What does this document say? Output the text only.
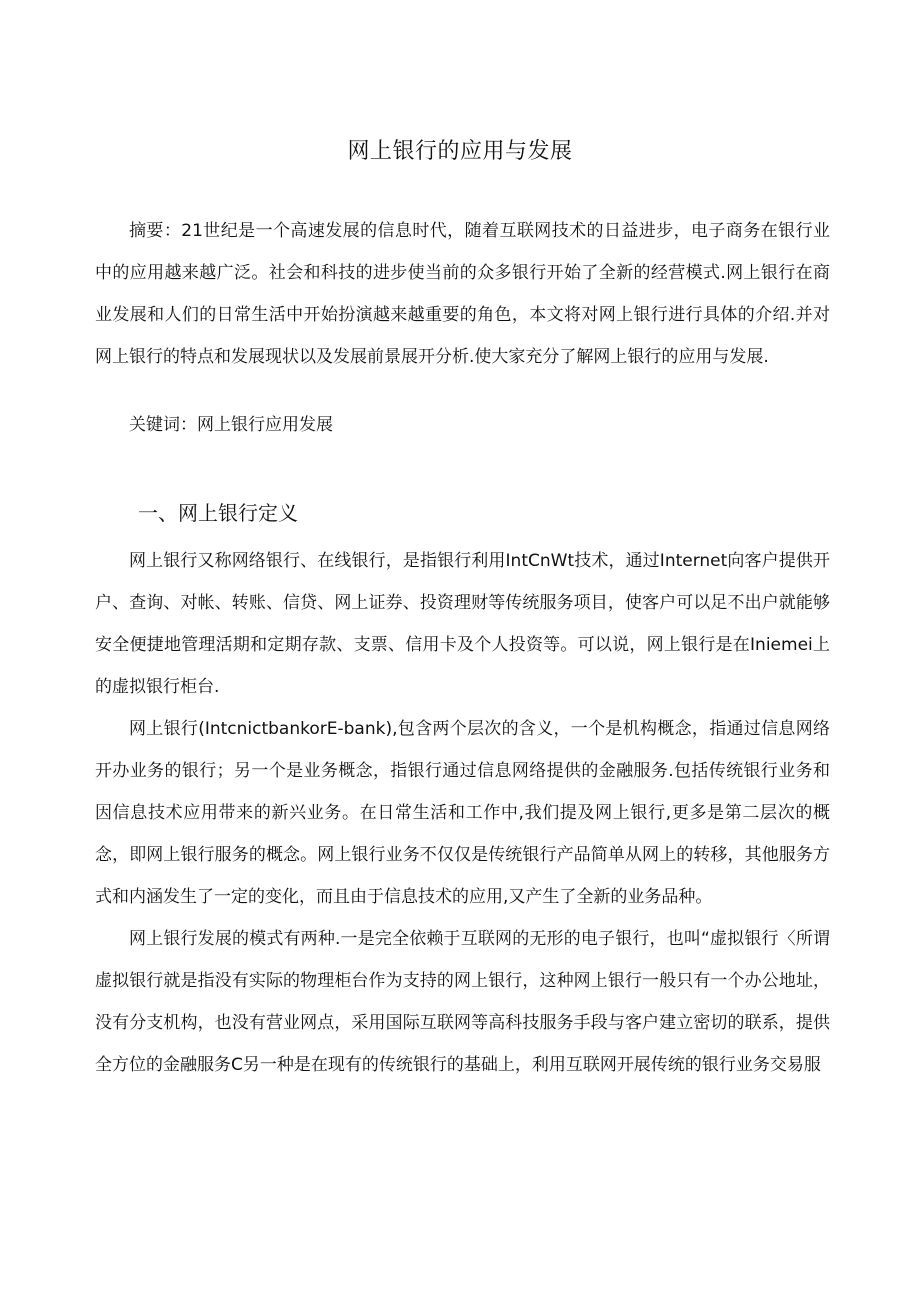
网上银行的应用与发展

摘要：21世纪是一个高速发展的信息时代，随着互联网技术的日益进步，电子商务在银行业中的应用越来越广泛。社会和科技的进步使当前的众多银行开始了全新的经营模式.网上银行在商业发展和人们的日常生活中开始扮演越来越重要的角色，本文将对网上银行进行具体的介绍.并对网上银行的特点和发展现状以及发展前景展开分析.使大家充分了解网上银行的应用与发展.

关键词：网上银行应用发展

一、网上银行定义

网上银行又称网络银行、在线银行，是指银行利用IntCnWt技术，通过Internet向客户提供开户、查询、对帐、转账、信贷、网上证券、投资理财等传统服务项目，使客户可以足不出户就能够安全便捷地管理活期和定期存款、支票、信用卡及个人投资等。可以说，网上银行是在Iniemei上的虚拟银行柜台.

网上银行(IntcnictbankorE-bank),包含两个层次的含义，一个是机构概念，指通过信息网络开办业务的银行；另一个是业务概念，指银行通过信息网络提供的金融服务.包括传统银行业务和因信息技术应用带来的新兴业务。在日常生活和工作中,我们提及网上银行,更多是第二层次的概念，即网上银行服务的概念。网上银行业务不仅仅是传统银行产品简单从网上的转移，其他服务方式和内涵发生了一定的变化，而且由于信息技术的应用,又产生了全新的业务品种。

网上银行发展的模式有两种.一是完全依赖于互联网的无形的电子银行，也叫“虚拟银行〈所谓虚拟银行就是指没有实际的物理柜台作为支持的网上银行，这种网上银行一般只有一个办公地址，没有分支机构，也没有营业网点，采用国际互联网等高科技服务手段与客户建立密切的联系，提供全方位的金融服务C另一种是在现有的传统银行的基础上，利用互联网开展传统的银行业务交易服
